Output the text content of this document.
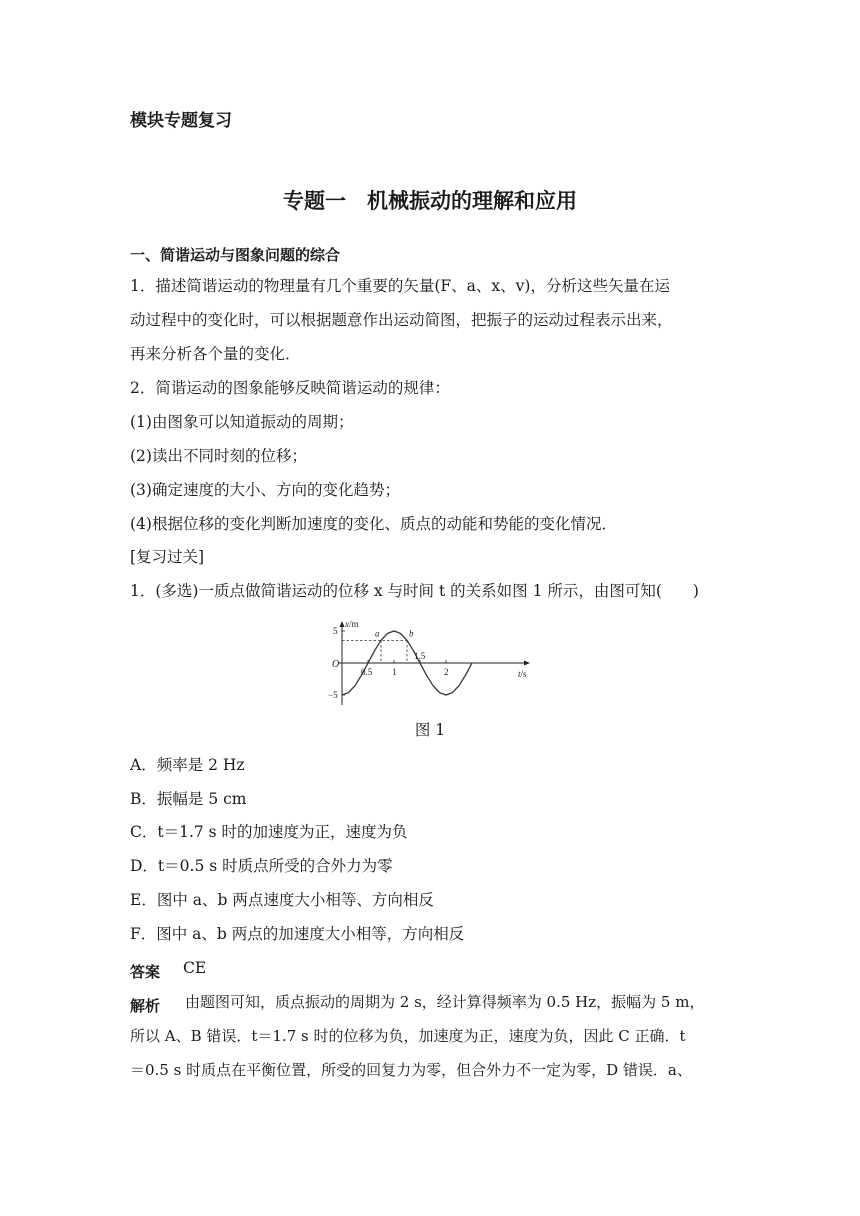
模块专题复习
专题一　机械振动的理解和应用
一、简谐运动与图象问题的综合
1．描述简谐运动的物理量有几个重要的矢量(F、a、x、v)，分析这些矢量在运
动过程中的变化时，可以根据题意作出运动简图，把振子的运动过程表示出来，
再来分析各个量的变化．
2．简谐运动的图象能够反映简谐运动的规律：
(1)由图象可以知道振动的周期；
(2)读出不同时刻的位移；
(3)确定速度的大小、方向的变化趋势；
(4)根据位移的变化判断加速度的变化、质点的动能和势能的变化情况．
[复习过关]
1．(多选)一质点做简谐运动的位移 x 与时间 t 的关系如图 1 所示，由图可知(　　)
x/m
t/s
O
5
−5
0.5 1
1.5
2
a	b
图 1
A．频率是 2 Hz
B．振幅是 5 cm
C．t＝1.7 s 时的加速度为正，速度为负
D．t＝0.5 s 时质点所受的合外力为零
E．图中 a、b 两点速度大小相等、方向相反
F．图中 a、b 两点的加速度大小相等，方向相反
答案 CE
解析 由题图可知，质点振动的周期为 2 s，经计算得频率为 0.5 Hz，振幅为 5 m，
所以 A、B 错误．t＝1.7 s 时的位移为负，加速度为正，速度为负，因此 C 正确．t
＝0.5 s 时质点在平衡位置，所受的回复力为零，但合外力不一定为零，D 错误．a、
